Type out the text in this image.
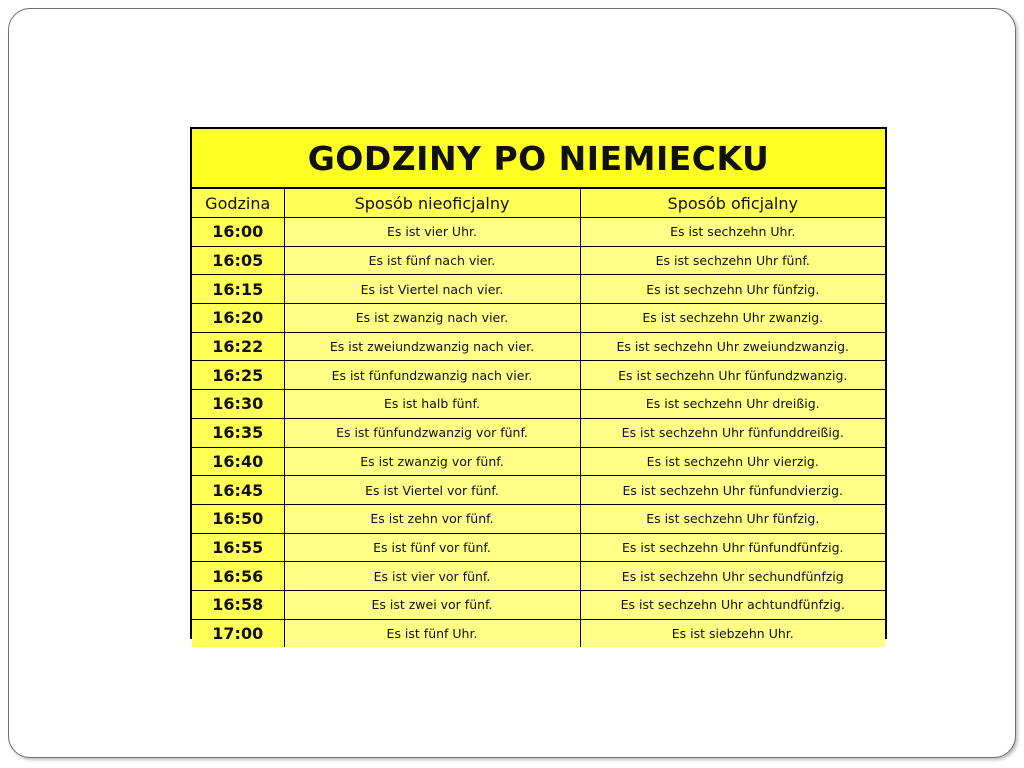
GODZINY PO NIEMIECKU
Godzina	Sposób nieoficjalny	Sposób oficjalny
16:00	Es ist vier Uhr.	Es ist sechzehn Uhr.
16:05	Es ist fünf nach vier.	Es ist sechzehn Uhr fünf.
16:15	Es ist Viertel nach vier.	Es ist sechzehn Uhr fünfzig.
16:20	Es ist zwanzig nach vier.	Es ist sechzehn Uhr zwanzig.
16:22	Es ist zweiundzwanzig nach vier.	Es ist sechzehn Uhr zweiundzwanzig.
16:25	Es ist fünfundzwanzig nach vier.	Es ist sechzehn Uhr fünfundzwanzig.
16:30	Es ist halb fünf.	Es ist sechzehn Uhr dreißig.
16:35	Es ist fünfundzwanzig vor fünf.	Es ist sechzehn Uhr fünfunddreißig.
16:40	Es ist zwanzig vor fünf.	Es ist sechzehn Uhr vierzig.
16:45	Es ist Viertel vor fünf.	Es ist sechzehn Uhr fünfundvierzig.
16:50	Es ist zehn vor fünf.	Es ist sechzehn Uhr fünfzig.
16:55	Es ist fünf vor fünf.	Es ist sechzehn Uhr fünfundfünfzig.
16:56	Es ist vier vor fünf.	Es ist sechzehn Uhr sechundfünfzig
16:58	Es ist zwei vor fünf.	Es ist sechzehn Uhr achtundfünfzig.
17:00	Es ist fünf Uhr.	Es ist siebzehn Uhr.
